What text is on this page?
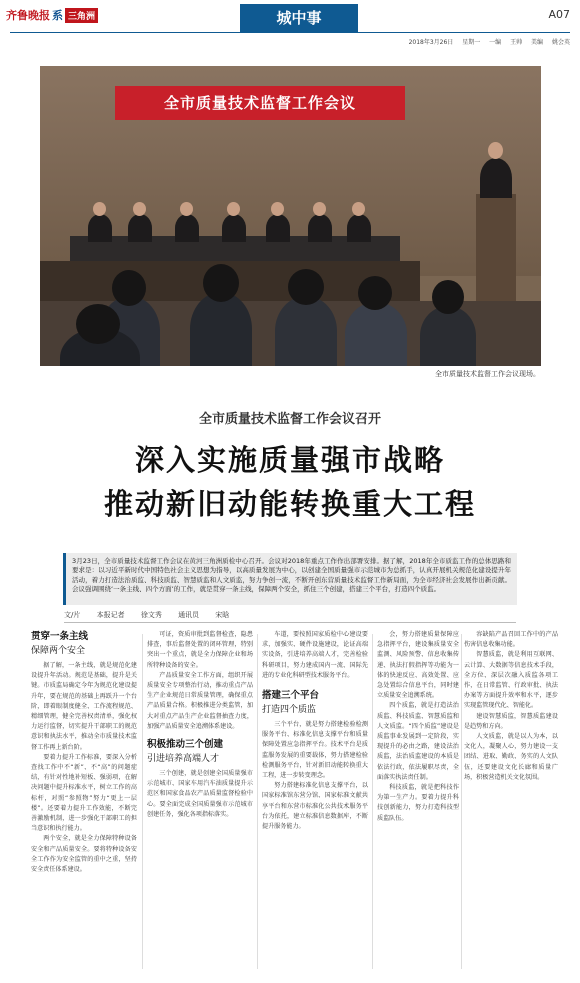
齐鲁晚报 系 三角洲	城中事	A07
2018年3月26日 星期一 一编 王帅 美编 姚会英
全市质量技术监督工作会议
全市质量技术监督工作会议现场。
全市质量技术监督工作会议召开
深入实施质量强市战略
推动新旧动能转换重大工程
3月23日，全市质量技术监督工作会议在黄河三角洲质检中心召开。会议对2018年重点工作作出部署安排。据了解，2018年全市质监工作的总体思路和要求是：以习近平新时代中国特色社会主义思想为指导，以高质量发展为中心，以创建全国质量强市示范城市为总抓手，认真开展机关规范化建设提升年活动，着力打造法治质监、科技质监、智慧质监和人文质监，努力争创一流，不断开创东营质量技术监督工作新局面，为全市经济社会发展作出新贡献。会议强调围绕‘一条主线、四个方面’的工作，就是贯穿一条主线，保障两个安全，抓住三个创建，搭建三个平台，打造四个质监。
文/片 本报记者 徐文秀 通讯员 宋晗

贯穿一条主线

保障两个安全

据了解，一条主线，就是规范化建设提升年活动。规范是基础，提升是关键。市质监局确定今年为规范化建设提升年，要在规范的基础上再跃升一个台阶，即着眼制度健全、工作流程规范、精细管理，健全完善权责清单，强化权力运行监督，切实提升干部职工的规范意识和执法水平，推动全市质量技术监督工作再上新台阶。

要着力提升工作标准，要深入分析查找工作中不“新”、不“高”的问题症结，有针对性地补短板、强弱项，在解决问题中提升标准水平，树立工作的高标杆，对照“参照物”努力“更上一层楼”。还要着力提升工作效能，不断完善激励机制，进一步强化干部职工的担当意识和执行能力。

两个安全，就是全力保障特种设备安全和产品质量安全。要将特种设备安全工作作为安全监管的重中之重，坚持安全责任体系建设。

可证，资质审批到监督检查，隐患排查，事后监督处置的闭环管理，特别突出一个重点，就是全力保障企业和场所特种设备的安全。

产品质量安全工作方面，组织开展质量安全专项整治行动，推动重点产品生产企业规范日常质量管理，确保重点产品质量合格。积极推进分类监管，加大对重点产品生产企业监督抽查力度，加强产品质量安全追溯体系建设。

积极推动三个创建

引进培养高端人才

三个创建，就是创建全国质量强市示范城市、国家车用汽车油质量提升示范区和国家食品农产品质量监督检验中心。要全面完成全国质量强市示范城市创建任务，强化各项指标落实。

车道，要按照国家质检中心建设要求，加强实、硬件设施建设，论证高端实设备，引进培养高端人才，完善检验科研项目，努力建成国内一流、国际先进的专业化科研型技术服务平台。

搭建三个平台

打造四个质监

三个平台，就是努力搭建检验检测服务平台、标准化信息支撑平台和质量保障处置应急指挥平台。技术平台是质监服务发展的重要载体，努力搭建检验检测服务平台，针对新旧动能转换重大工程，进一步转变理念。

努力搭建标准化信息支撑平台，以国家标准馆东营分馆、国家标准文献共享平台和东营市标准化公共技术服务平台为依托，建立标准信息数据库，不断提升服务能力。

会，努力搭建质量保障应急指挥平台，建设集质量安全监测、风险预警、信息收集传递、执法打假指挥等功能为一体的快速反应、高效处置、应急处置综合信息平台，同时建立质量安全追溯系统。

四个质监，就是打造法治质监、科技质监、智慧质监和人文质监。“四个质监”建设是质监事业发展到一定阶段，实现提升的必由之路，建设法治质监，法治质监建设的本质是依法行政，依法履职尽责，全面落实执法责任制。

科技质监，就是把科技作为第一生产力。要着力提升科技创新能力，努力打造科技型质监队伍。

容缺陷产品召回工作中的产品伤害信息收集功能。

智慧质监，就是利用互联网、云计算、大数据等信息技术手段，全方位、深层次融入质监各项工作，在日常监管、行政审批、执法办案等方面提升效率和水平，逐步实现监管现代化、智能化。

建设智慧质监，智慧质监建设是趋势和方向。

人文质监，就是以人为本，以文化人，凝聚人心，努力建设一支团结、进取、勤政、务实的人文队伍，还要建设文化长廊和质量广场，积极营造机关文化氛围。
